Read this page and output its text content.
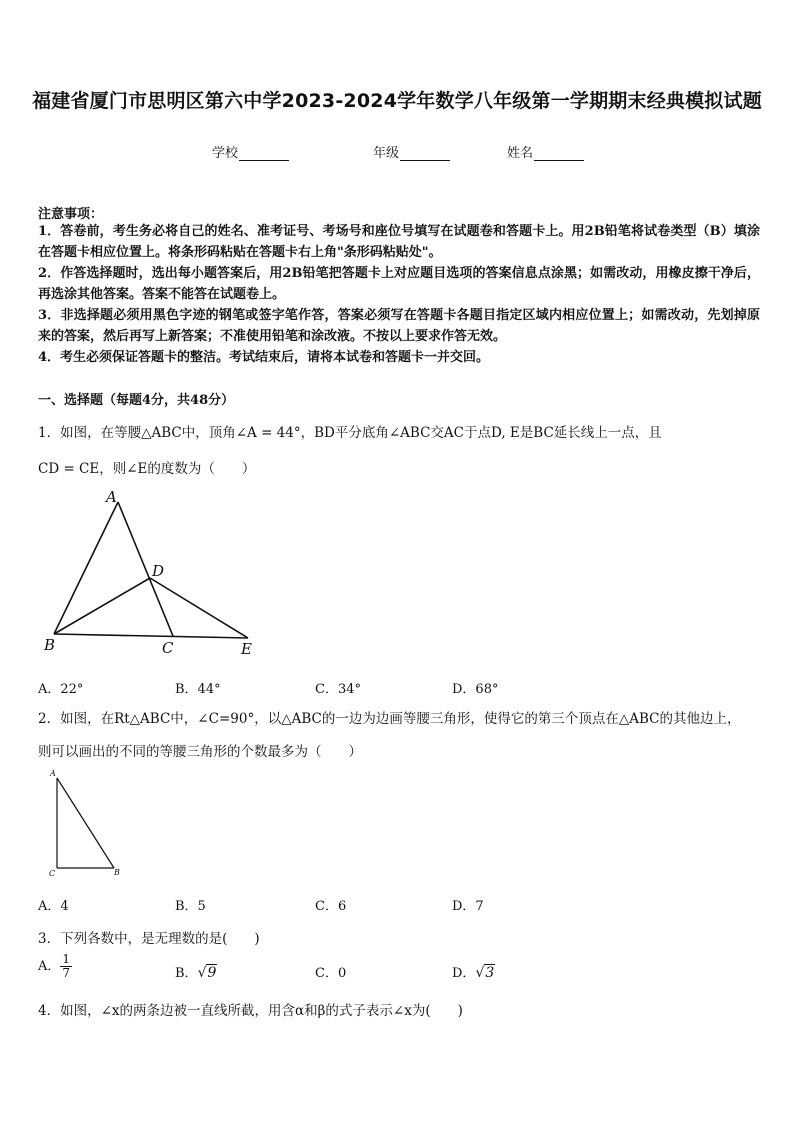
福建省厦门市思明区第六中学2023-2024学年数学八年级第一学期期末经典模拟试题
学校	年级	姓名
注意事项：

1．答卷前，考生务必将自己的姓名、准考证号、考场号和座位号填写在试题卷和答题卡上。用2B铅笔将试卷类型（B）填涂在答题卡相应位置上。将条形码粘贴在答题卡右上角"条形码粘贴处"。

2．作答选择题时，选出每小题答案后，用2B铅笔把答题卡上对应题目选项的答案信息点涂黑；如需改动，用橡皮擦干净后，再选涂其他答案。答案不能答在试题卷上。

3．非选择题必须用黑色字迹的钢笔或签字笔作答，答案必须写在答题卡各题目指定区域内相应位置上；如需改动，先划掉原来的答案，然后再写上新答案；不准使用铅笔和涂改液。不按以上要求作答无效。

4．考生必须保证答题卡的整洁。考试结束后，请将本试卷和答题卡一并交回。

一、选择题（每题4分，共48分）
1．如图，在等腰△ABC中，顶角∠A = 44°，BD平分底角∠ABC交AC于点D, E是BC延长线上一点，且
CD = CE，则∠E的度数为（　　）
A
D
B	C	E
A．22°	B．44°	C．34°	D．68°
2．如图，在Rt△ABC中，∠C=90°，以△ABC的一边为边画等腰三角形，使得它的第三个顶点在△ABC的其他边上，
则可以画出的不同的等腰三角形的个数最多为（　　）
A
C	B
A．4	B．5	C．6	D．7
3．下列各数中，是无理数的是(　　)
A． $\frac{1}{7}$	B．√9	C．0	D．√3
4．如图，∠x的两条边被一直线所截，用含α和β的式子表示∠x为(　　)
